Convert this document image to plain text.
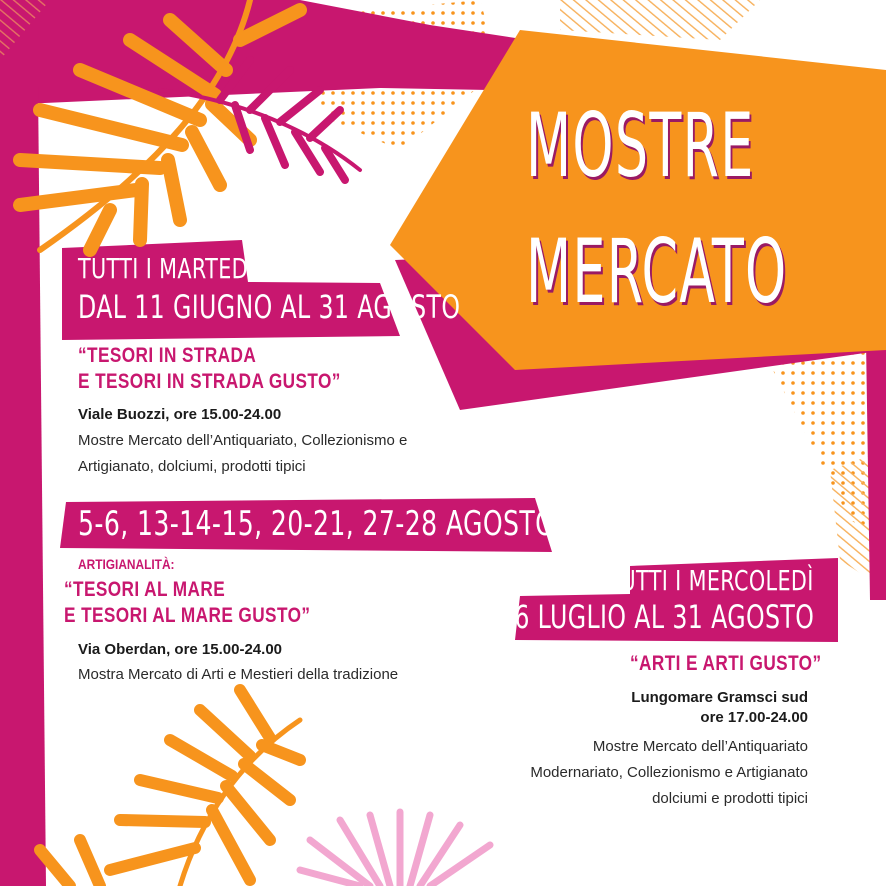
MOSTRE
MERCATO
TUTTI I MARTEDÌ
DAL 11 GIUGNO AL 31 AGOSTO
“TESORI IN STRADA
E TESORI IN STRADA GUSTO”
Viale Buozzi, ore 15.00-24.00
Mostre Mercato dell’Antiquariato, Collezionismo e
Artigianato, dolciumi, prodotti tipici
5-6, 13-14-15, 20-21, 27-28 AGOSTO 2022
ARTIGIANALITÀ:
“TESORI AL MARE
E TESORI AL MARE GUSTO”
Via Oberdan, ore 15.00-24.00
Mostra Mercato di Arti e Mestieri della tradizione
TUTTI I MERCOLEDÌ
DAL 6 LUGLIO AL 31 AGOSTO
“ARTI E ARTI GUSTO”
Lungomare Gramsci sud
ore 17.00-24.00
Mostre Mercato dell’Antiquariato
Modernariato, Collezionismo e Artigianato
dolciumi e prodotti tipici
